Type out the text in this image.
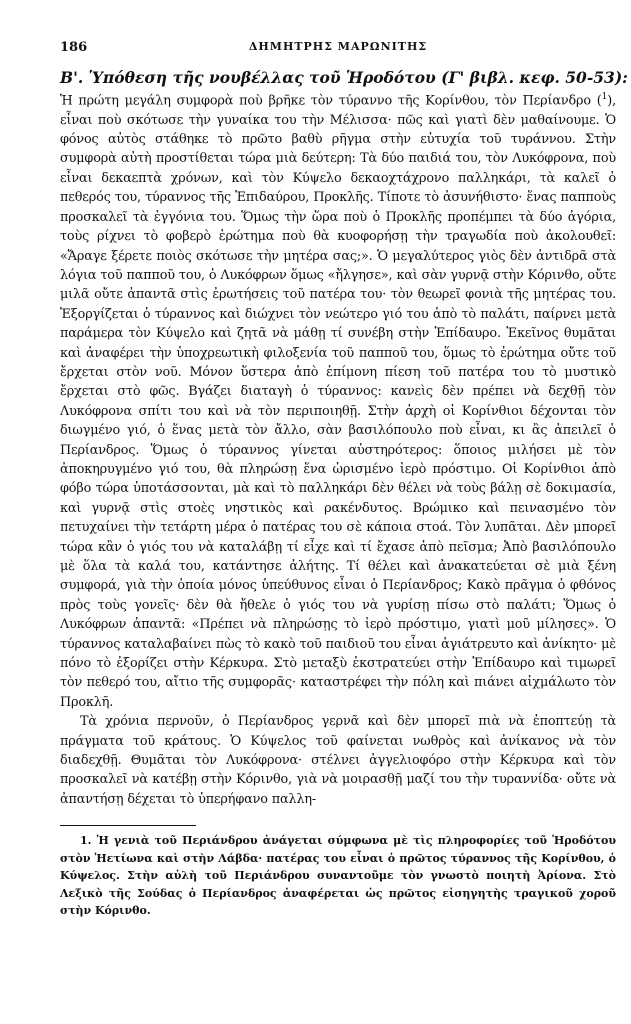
186	ΔΗΜΗΤΡΗΣ ΜΑΡΩΝΙΤΗΣ
Β'. Ὑπόθεση τῆς νουβέλλας τοῦ Ἡροδότου (Γ' βιβλ. κεφ. 50-53):

Ἡ πρώτη μεγάλη συμφορὰ ποὺ βρῆκε τὸν τύραννο τῆς Κορίνθου, τὸν Περίανδρο ($^1$), εἶναι ποὺ σκότωσε τὴν γυναίκα του τὴν Μέλισσα· πῶς καὶ γιατὶ δὲν μαθαίνουμε. Ὁ φόνος αὐτὸς στάθηκε τὸ πρῶτο βαθὺ ρῆγμα στὴν εὐτυχία τοῦ τυράννου. Στὴν συμφορὰ αὐτὴ προστίθεται τώρα μιὰ δεύτερη: Τὰ δύο παιδιά του, τὸν Λυκόφρονα, ποὺ εἶναι δεκαεπτὰ χρόνων, καὶ τὸν Κύψελο δεκαοχτάχρονο παλληκάρι, τὰ καλεῖ ὁ πεθερός του, τύραννος τῆς Ἐπιδαύρου, Προκλῆς. Τίποτε τὸ ἀσυνήθιστο· ἕνας παπποὺς προσκαλεῖ τὰ ἐγγόνια του. Ὅμως τὴν ὥρα ποὺ ὁ Προκλῆς προπέμπει τὰ δύο ἀγόρια, τοὺς ρίχνει τὸ φοβερὸ ἐρώτημα ποὺ θὰ κυοφορήσῃ τὴν τραγωδία ποὺ ἀκολουθεῖ: «Ἄραγε ξέρετε ποιὸς σκότωσε τὴν μητέρα σας;». Ὁ μεγαλύτερος γιὸς δὲν ἀντιδρᾶ στὰ λόγια τοῦ παπποῦ του, ὁ Λυκόφρων ὅμως «ἤλγησε», καὶ σὰν γυρνᾷ στὴν Κόρινθο, οὔτε μιλᾶ οὔτε ἀπαντᾶ στὶς ἐρωτήσεις τοῦ πατέρα του· τὸν θεωρεῖ φονιὰ τῆς μητέρας του. Ἐξοργίζεται ὁ τύραννος καὶ διώχνει τὸν νεώτερο γιό του ἀπὸ τὸ παλάτι, παίρνει μετὰ παράμερα τὸν Κύψελο καὶ ζητᾶ νὰ μάθῃ τί συνέβη στὴν Ἐπίδαυρο. Ἐκεῖνος θυμᾶται καὶ ἀναφέρει τὴν ὑποχρεωτικὴ φιλοξενία τοῦ παπποῦ του, ὅμως τὸ ἐρώτημα οὔτε τοῦ ἔρχεται στὸν νοῦ. Μόνον ὕστερα ἀπὸ ἐπίμονη πίεση τοῦ πατέρα του τὸ μυστικὸ ἔρχεται στὸ φῶς. Βγάζει διαταγὴ ὁ τύραννος: κανεὶς δὲν πρέπει νὰ δεχθῇ τὸν Λυκόφρονα σπίτι του καὶ νὰ τὸν περιποιηθῇ. Στὴν ἀρχὴ οἱ Κορίνθιοι δέχονται τὸν διωγμένο γιό, ὁ ἕνας μετὰ τὸν ἄλλο, σὰν βασιλόπουλο ποὺ εἶναι, κι ἂς ἀπειλεῖ ὁ Περίανδρος. Ὅμως ὁ τύραννος γίνεται αὐστηρότερος: ὅποιος μιλήσει μὲ τὸν ἀποκηρυγμένο γιό του, θὰ πληρώσῃ ἕνα ὡρισμένο ἱερὸ πρόστιμο. Οἱ Κορίνθιοι ἀπὸ φόβο τώρα ὑποτάσσονται, μὰ καὶ τὸ παλληκάρι δὲν θέλει νὰ τοὺς βάλῃ σὲ δοκιμασία, καὶ γυρνᾷ στὶς στοὲς νηστικὸς καὶ ρακένδυτος. Βρώμικο καὶ πεινασμένο τὸν πετυχαίνει τὴν τετάρτη μέρα ὁ πατέρας του σὲ κάποια στοά. Τὸν λυπᾶται. Δὲν μπορεῖ τώρα κἂν ὁ γιός του νὰ καταλάβῃ τί εἶχε καὶ τί ἔχασε ἀπὸ πεῖσμα; Ἀπὸ βασιλόπουλο μὲ ὅλα τὰ καλά του, κατάντησε ἀλήτης. Τί θέλει καὶ ἀνακατεύεται σὲ μιὰ ξένη συμφορά, γιὰ τὴν ὁποία μόνος ὑπεύθυνος εἶναι ὁ Περίανδρος; Κακὸ πρᾶγμα ὁ φθόνος πρὸς τοὺς γονεῖς· δὲν θὰ ἤθελε ὁ γιός του νὰ γυρίσῃ πίσω στὸ παλάτι; Ὅμως ὁ Λυκόφρων ἀπαντᾶ: «Πρέπει νὰ πληρώσῃς τὸ ἱερὸ πρόστιμο, γιατὶ μοῦ μίλησες». Ὁ τύραννος καταλαβαίνει πὼς τὸ κακὸ τοῦ παιδιοῦ του εἶναι ἀγιάτρευτο καὶ ἀνίκητο· μὲ πόνο τὸ ἐξορίζει στὴν Κέρκυρα. Στὸ μεταξὺ ἐκστρατεύει στὴν Ἐπίδαυρο καὶ τιμωρεῖ τὸν πεθερό του, αἴτιο τῆς συμφορᾶς· καταστρέφει τὴν πόλη καὶ πιάνει αἰχμάλωτο τὸν Προκλῆ.

Τὰ χρόνια περνοῦν, ὁ Περίανδρος γερνᾶ καὶ δὲν μπορεῖ πιὰ νὰ ἐποπτεύῃ τὰ πράγματα τοῦ κράτους. Ὁ Κύψελος τοῦ φαίνεται νωθρὸς καὶ ἀνίκανος νὰ τὸν διαδεχθῇ. Θυμᾶται τὸν Λυκόφρονα· στέλνει ἀγγελιοφόρο στὴν Κέρκυρα καὶ τὸν προσκαλεῖ νὰ κατέβῃ στὴν Κόρινθο, γιὰ νὰ μοιρασθῇ μαζί του τὴν τυραννίδα· οὔτε νὰ ἀπαντήσῃ δέχεται τὸ ὑπερήφανο παλλη-

1. Ἡ γενιὰ τοῦ Περιάνδρου ἀνάγεται σύμφωνα μὲ τὶς πληροφορίες τοῦ Ἡροδότου στὸν Ἡετίωνα καὶ στὴν Λάβδα· πατέρας του εἶναι ὁ πρῶτος τύραννος τῆς Κορίνθου, ὁ Κύψελος. Στὴν αὐλὴ τοῦ Περιάνδρου συναντοῦμε τὸν γνωστὸ ποιητὴ Ἀρίονα. Στὸ Λεξικὸ τῆς Σούδας ὁ Περίανδρος ἀναφέρεται ὡς πρῶτος εἰσηγητὴς τραγικοῦ χοροῦ στὴν Κόρινθο.
